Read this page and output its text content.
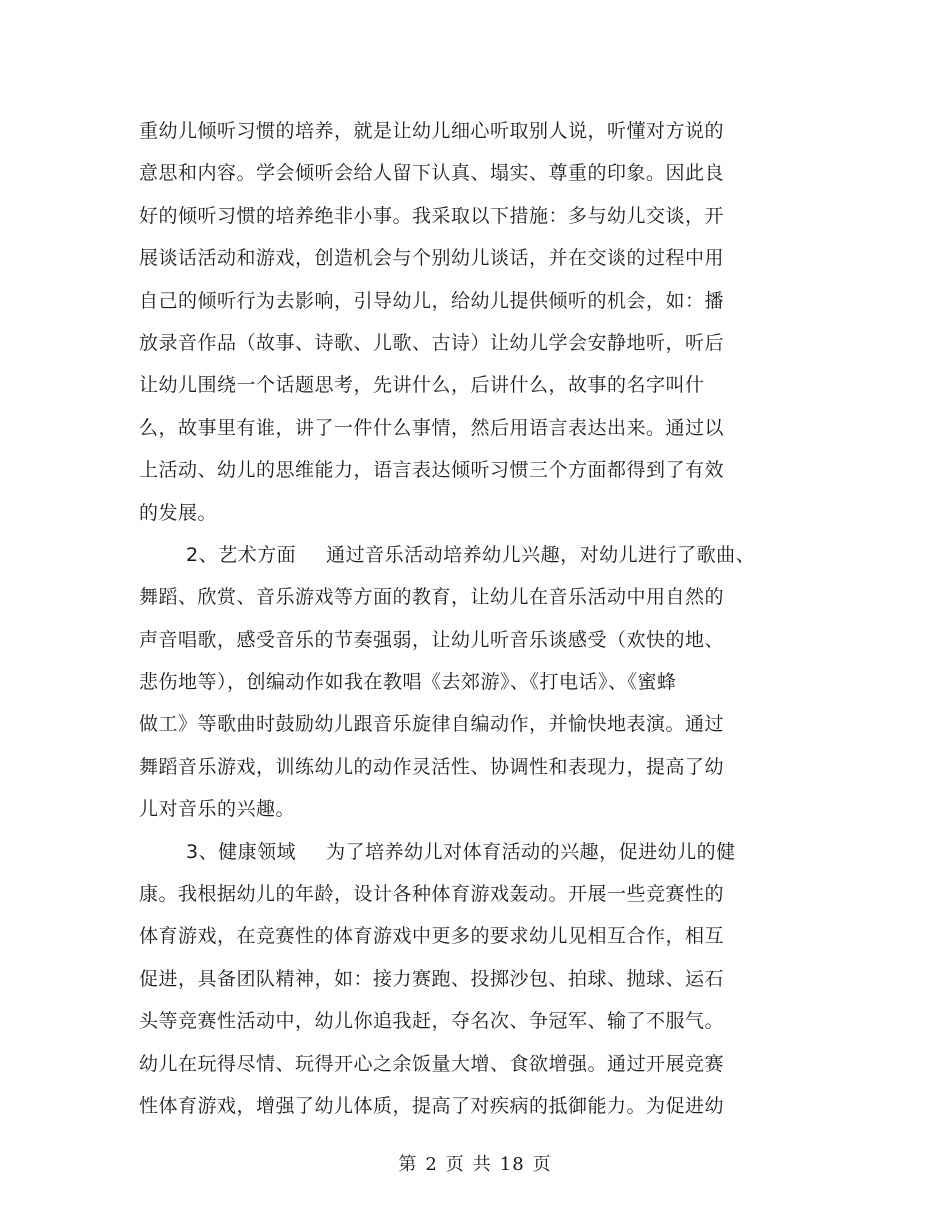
重幼儿倾听习惯的培养，就是让幼儿细心听取别人说，听懂对方说的
意思和内容。学会倾听会给人留下认真、塌实、尊重的印象。因此良
好的倾听习惯的培养绝非小事。我采取以下措施：多与幼儿交谈，开
展谈话活动和游戏，创造机会与个别幼儿谈话，并在交谈的过程中用
自己的倾听行为去影响，引导幼儿，给幼儿提供倾听的机会，如：播
放录音作品（故事、诗歌、儿歌、古诗）让幼儿学会安静地听，听后
让幼儿围绕一个话题思考，先讲什么，后讲什么，故事的名字叫什
么，故事里有谁，讲了一件什么事情，然后用语言表达出来。通过以
上活动、幼儿的思维能力，语言表达倾听习惯三个方面都得到了有效
的发展。
2、艺术方面 通过音乐活动培养幼儿兴趣，对幼儿进行了歌曲、
舞蹈、欣赏、音乐游戏等方面的教育，让幼儿在音乐活动中用自然的
声音唱歌，感受音乐的节奏强弱，让幼儿听音乐谈感受（欢快的地、
悲伤地等），创编动作如我在教唱《去郊游》、《打电话》、《蜜蜂
做工》等歌曲时鼓励幼儿跟音乐旋律自编动作，并愉快地表演。通过
舞蹈音乐游戏，训练幼儿的动作灵活性、协调性和表现力，提高了幼
儿对音乐的兴趣。
3、健康领域 为了培养幼儿对体育活动的兴趣，促进幼儿的健
康。我根据幼儿的年龄，设计各种体育游戏轰动。开展一些竞赛性的
体育游戏，在竞赛性的体育游戏中更多的要求幼儿见相互合作，相互
促进，具备团队精神，如：接力赛跑、投掷沙包、拍球、抛球、运石
头等竞赛性活动中，幼儿你追我赶，夺名次、争冠军、输了不服气。
幼儿在玩得尽情、玩得开心之余饭量大增、食欲增强。通过开展竞赛
性体育游戏，增强了幼儿体质，提高了对疾病的抵御能力。为促进幼
第 2 页 共 18 页
